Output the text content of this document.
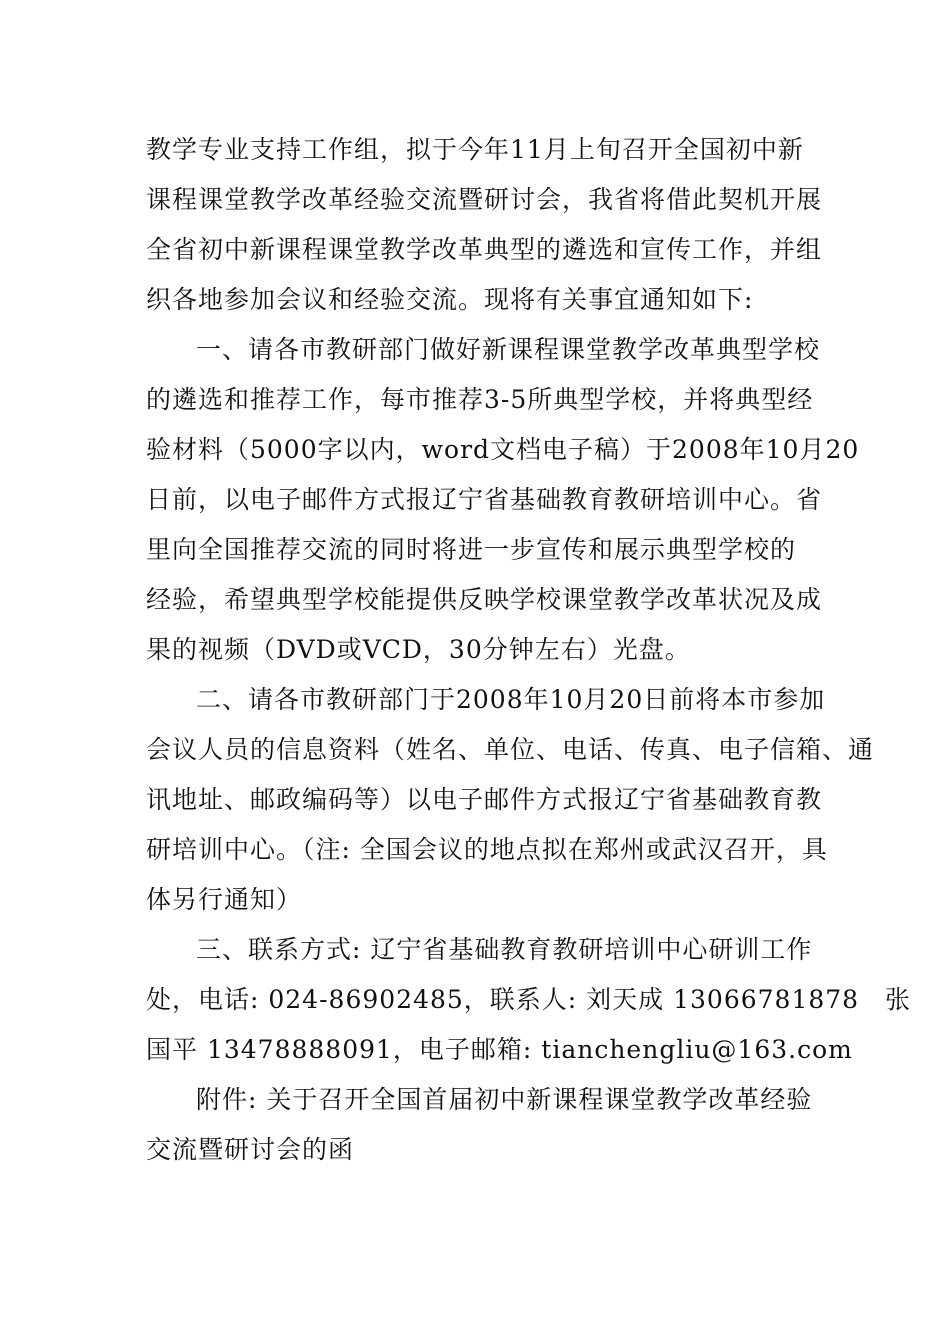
教学专业支持工作组，拟于今年11月上旬召开全国初中新
课程课堂教学改革经验交流暨研讨会，我省将借此契机开展
全省初中新课程课堂教学改革典型的遴选和宣传工作，并组
织各地参加会议和经验交流。现将有关事宜通知如下:
一、请各市教研部门做好新课程课堂教学改革典型学校
的遴选和推荐工作，每市推荐3-5所典型学校，并将典型经
验材料（5000字以内，word文档电子稿）于2008年10月20
日前，以电子邮件方式报辽宁省基础教育教研培训中心。省
里向全国推荐交流的同时将进一步宣传和展示典型学校的
经验，希望典型学校能提供反映学校课堂教学改革状况及成
果的视频（DVD或VCD，30分钟左右）光盘。
二、请各市教研部门于2008年10月20日前将本市参加
会议人员的信息资料（姓名、单位、电话、传真、电子信箱、通
讯地址、邮政编码等）以电子邮件方式报辽宁省基础教育教
研培训中心。（注: 全国会议的地点拟在郑州或武汉召开，具
体另行通知）
三、联系方式: 辽宁省基础教育教研培训中心研训工作
处，电话: 024-86902485，联系人: 刘天成 13066781878　张
国平 13478888091，电子邮箱: tianchengliu@163.com
附件: 关于召开全国首届初中新课程课堂教学改革经验
交流暨研讨会的函
